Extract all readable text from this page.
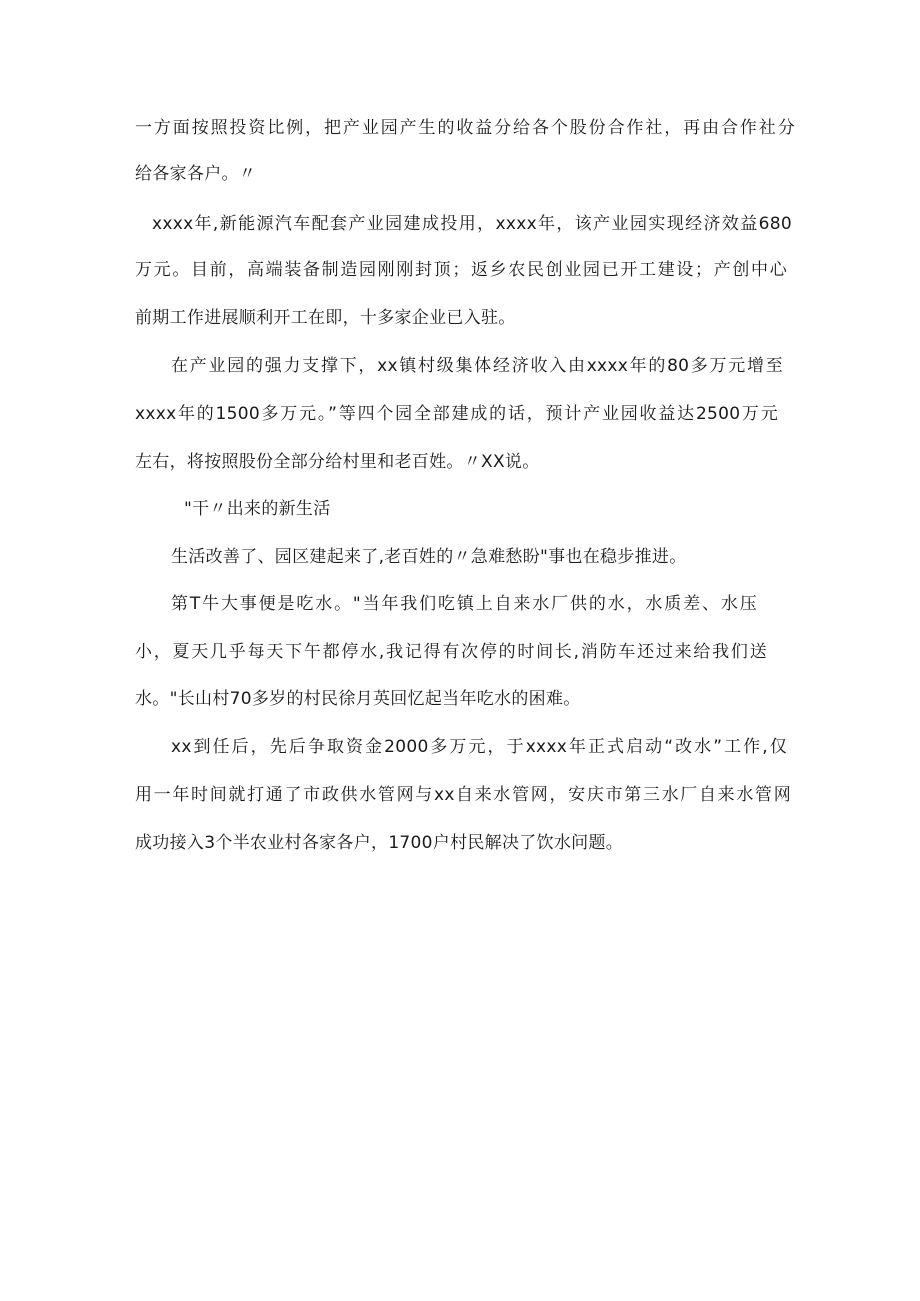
一方面按照投资比例，把产业园产生的收益分给各个股份合作社，再由合作社分
给各家各户。〃
xxxx年,新能源汽车配套产业园建成投用，xxxx年，该产业园实现经济效益680
万元。目前，高端装备制造园刚刚封顶；返乡农民创业园已开工建设；产创中心
前期工作进展顺利开工在即，十多家企业已入驻。
在产业园的强力支撑下，xx镇村级集体经济收入由xxxx年的80多万元增至
xxxx年的1500多万元。”等四个园全部建成的话，预计产业园收益达2500万元
左右，将按照股份全部分给村里和老百姓。〃XX说。
"干〃出来的新生活
生活改善了、园区建起来了,老百姓的〃急难愁盼"事也在稳步推进。
第T牛大事便是吃水。"当年我们吃镇上自来水厂供的水，水质差、水压
小，夏天几乎每天下午都停水,我记得有次停的时间长,消防车还过来给我们送
水。"长山村70多岁的村民徐月英回忆起当年吃水的困难。
xx到任后，先后争取资金2000多万元，于xxxx年正式启动“改水”工作,仅
用一年时间就打通了市政供水管网与xx自来水管网，安庆市第三水厂自来水管网
成功接入3个半农业村各家各户，1700户村民解决了饮水问题。
